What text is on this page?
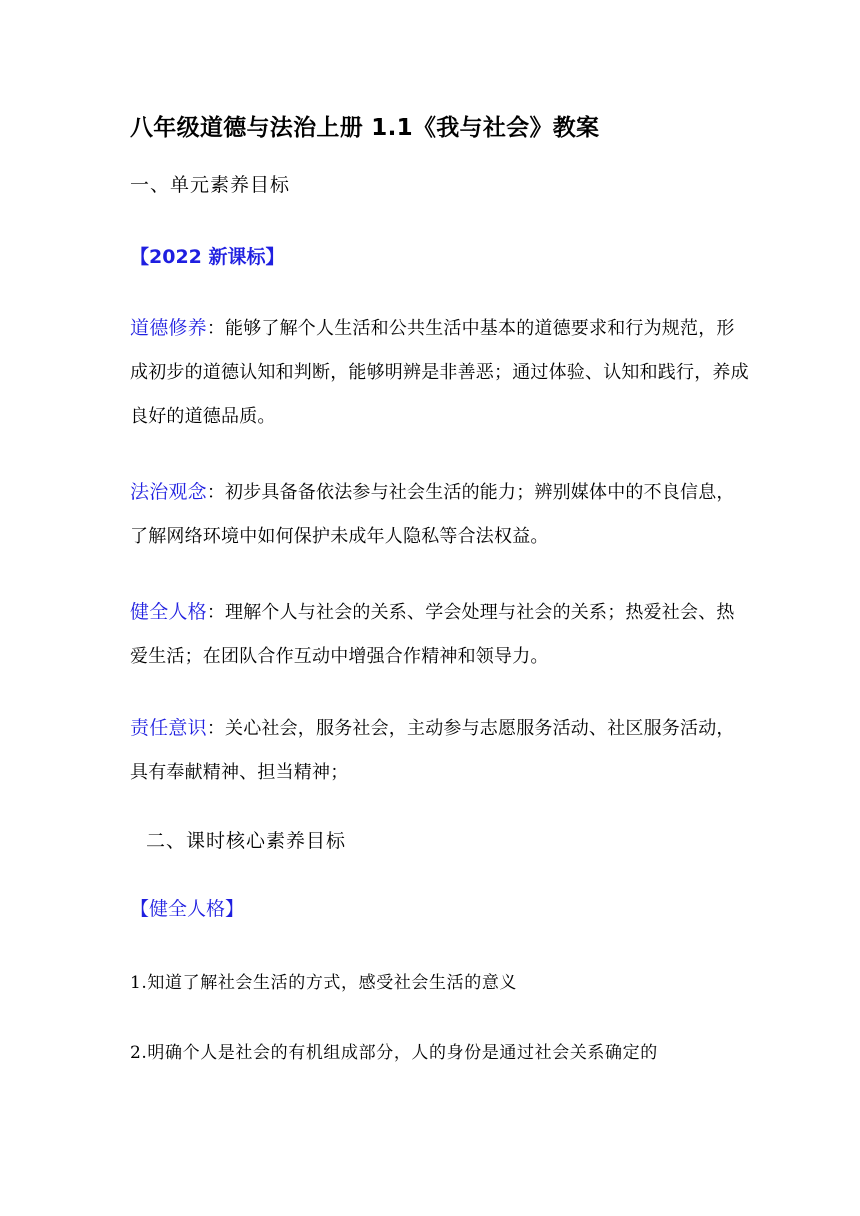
八年级道德与法治上册 1.1《我与社会》教案
一、单元素养目标
【2022 新课标】

道德修养：能够了解个人生活和公共生活中基本的道德要求和行为规范，形成初步的道德认知和判断，能够明辨是非善恶；通过体验、认知和践行，养成良好的道德品质。

法治观念：初步具备备依法参与社会生活的能力；辨别媒体中的不良信息，了解网络环境中如何保护未成年人隐私等合法权益。

健全人格：理解个人与社会的关系、学会处理与社会的关系；热爱社会、热爱生活；在团队合作互动中增强合作精神和领导力。

责任意识：关心社会，服务社会，主动参与志愿服务活动、社区服务活动，具有奉献精神、担当精神；

二、课时核心素养目标
【健全人格】
1.知道了解社会生活的方式，感受社会生活的意义
2.明确个人是社会的有机组成部分，人的身份是通过社会关系确定的
